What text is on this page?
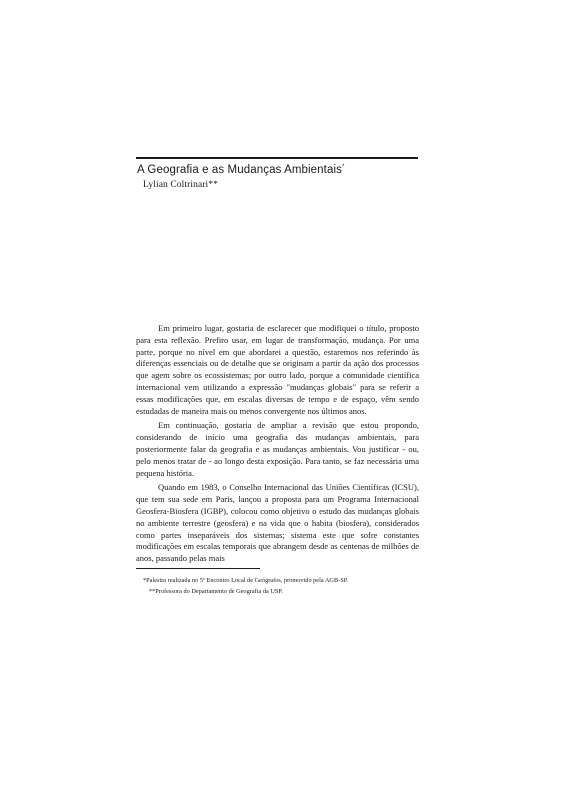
A Geografia e as Mudanças Ambientais*
Lylian Coltrinari**

Em primeiro lugar, gostaria de esclarecer que modifiquei o título, proposto para esta reflexão. Prefiro usar, em lugar de transformação, mudança. Por uma parte, porque no nível em que abordarei a questão, estaremos nos referindo às diferenças essenciais ou de detalhe que se originam a partir da ação dos processos que agem sobre os ecossistemas; por outro lado, porque a comunidade científica internacional vem utilizando a expressão "mudanças globais" para se referir a essas modificações que, em escalas diversas de tempo e de espaço, vêm sendo estudadas de maneira mais ou menos convergente nos últimos anos.

Em continuação, gostaria de ampliar a revisão que estou propondo, considerando de início uma geografia das mudanças ambientais, para posteriormente falar da geografia e as mudanças ambientais. Vou justificar - ou, pelo menos tratar de - ao longo desta exposição. Para tanto, se faz necessária uma pequena história.

Quando em 1983, o Conselho Internacional das Uniões Científicas (ICSU), que tem sua sede em Paris, lançou a proposta para um Programa Internacional Geosfera-Biosfera (IGBP), colocou como objetivo o estudo das mudanças globais no ambiente terrestre (geosfera) e na vida que o habita (biosfera), considerados como partes inseparáveis dos sistemas; sistema este que sofre constantes modificações em escalas temporais que abrangem desde as centenas de milhões de anos, passando pelas mais

*Palestra realizada no 5º Encontro Local de Geógrafos, promovido pela AGB-SP.
**Professora do Departamento de Geografia da USP.
